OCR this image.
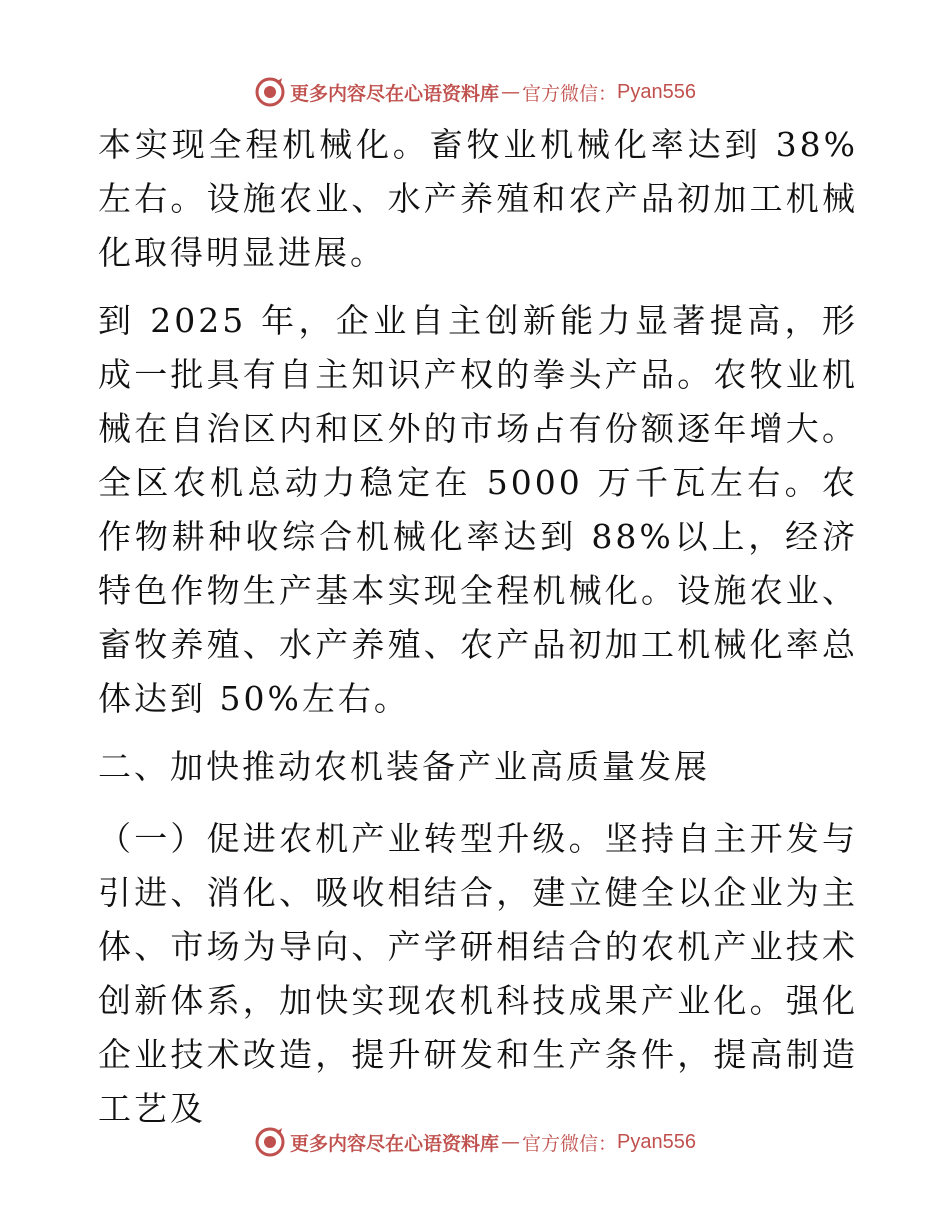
更多内容尽在心语资料库 — 官方微信： Pyan556

本实现全程机械化。畜牧业机械化率达到 38%左右。设施农业、水产养殖和农产品初加工机械化取得明显进展。

到 2025 年，企业自主创新能力显著提高，形成一批具有自主知识产权的拳头产品。农牧业机械在自治区内和区外的市场占有份额逐年增大。全区农机总动力稳定在 5000 万千瓦左右。农作物耕种收综合机械化率达到 88%以上，经济特色作物生产基本实现全程机械化。设施农业、畜牧养殖、水产养殖、农产品初加工机械化率总体达到 50%左右。

二、加快推动农机装备产业高质量发展

（一）促进农机产业转型升级。坚持自主开发与引进、消化、吸收相结合，建立健全以企业为主体、市场为导向、产学研相结合的农机产业技术创新体系，加快实现农机科技成果产业化。强化企业技术改造，提升研发和生产条件，提高制造工艺及

更多内容尽在心语资料库 — 官方微信： Pyan556
